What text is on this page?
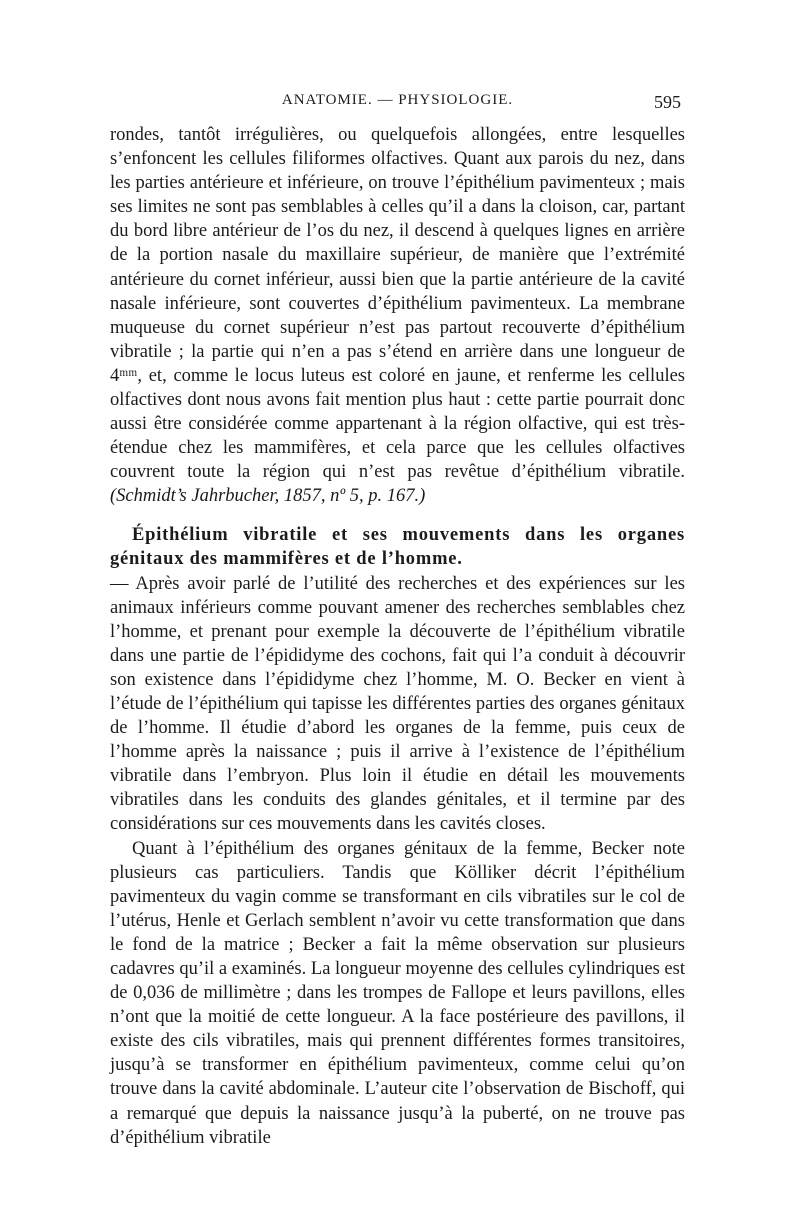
ANATOMIE. — PHYSIOLOGIE.	595

rondes, tantôt irrégulières, ou quelquefois allongées, entre lesquelles s’enfoncent les cellules filiformes olfactives. Quant aux parois du nez, dans les parties antérieure et inférieure, on trouve l’épithélium pavimenteux ; mais ses limites ne sont pas semblables à celles qu’il a dans la cloison, car, partant du bord libre antérieur de l’os du nez, il descend à quelques lignes en arrière de la portion nasale du maxillaire supérieur, de manière que l’extrémité antérieure du cornet inférieur, aussi bien que la partie antérieure de la cavité nasale inférieure, sont couvertes d’épithélium pavimenteux. La membrane muqueuse du cornet supérieur n’est pas partout recouverte d’épithélium vibratile ; la partie qui n’en a pas s’étend en arrière dans une longueur de 4ᵐᵐ, et, comme le locus luteus est coloré en jaune, et renferme les cellules olfactives dont nous avons fait mention plus haut : cette partie pourrait donc aussi être considérée comme appartenant à la région olfactive, qui est très-étendue chez les mammifères, et cela parce que les cellules olfactives couvrent toute la région qui n’est pas revêtue d’épithélium vibratile. (Schmidt’s Jahrbucher, 1857, nº 5, p. 167.)

Épithélium vibratile et ses mouvements dans les organes génitaux des mammifères et de l’homme.

— Après avoir parlé de l’utilité des recherches et des expériences sur les animaux inférieurs comme pouvant amener des recherches semblables chez l’homme, et prenant pour exemple la découverte de l’épithélium vibratile dans une partie de l’épididyme des cochons, fait qui l’a conduit à découvrir son existence dans l’épididyme chez l’homme, M. O. Becker en vient à l’étude de l’épithélium qui tapisse les différentes parties des organes génitaux de l’homme. Il étudie d’abord les organes de la femme, puis ceux de l’homme après la naissance ; puis il arrive à l’existence de l’épithélium vibratile dans l’embryon. Plus loin il étudie en détail les mouvements vibratiles dans les conduits des glandes génitales, et il termine par des considérations sur ces mouvements dans les cavités closes.

Quant à l’épithélium des organes génitaux de la femme, Becker note plusieurs cas particuliers. Tandis que Kölliker décrit l’épithélium pavimenteux du vagin comme se transformant en cils vibratiles sur le col de l’utérus, Henle et Gerlach semblent n’avoir vu cette transformation que dans le fond de la matrice ; Becker a fait la même observation sur plusieurs cadavres qu’il a examinés. La longueur moyenne des cellules cylindriques est de 0,036 de millimètre ; dans les trompes de Fallope et leurs pavillons, elles n’ont que la moitié de cette longueur. A la face postérieure des pavillons, il existe des cils vibratiles, mais qui prennent différentes formes transitoires, jusqu’à se transformer en épithélium pavimenteux, comme celui qu’on trouve dans la cavité abdominale. L’auteur cite l’observation de Bischoff, qui a remarqué que depuis la naissance jusqu’à la puberté, on ne trouve pas d’épithélium vibratile
